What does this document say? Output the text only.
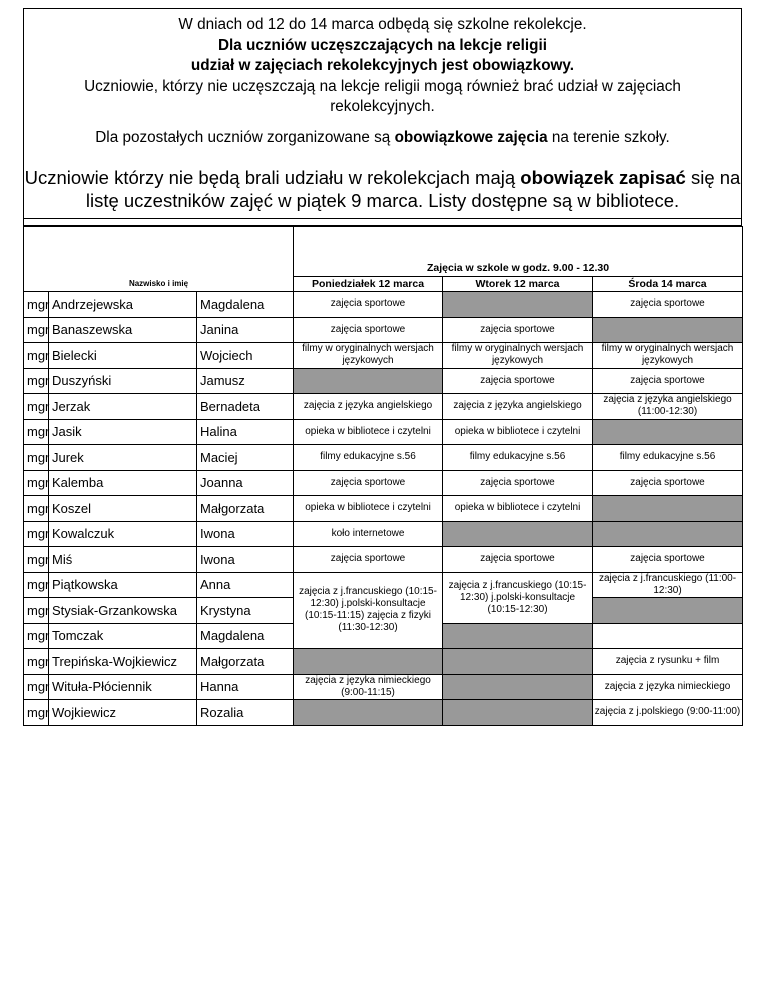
W dniach od 12 do 14 marca odbędą się szkolne rekolekcje.

Dla uczniów uczęszczających na lekcje religii

udział w zajęciach rekolekcyjnych jest obowiązkowy.

Uczniowie, którzy nie uczęszczają na lekcje religii mogą również brać udział w zajęciach

rekolekcyjnych.

Dla pozostałych uczniów zorganizowane są obowiązkowe zajęcia na terenie szkoły.

Uczniowie którzy nie będą brali udziału w rekolekcjach mają obowiązek zapisać się na

listę uczestników zajęć w piątek 9 marca. Listy dostępne są w bibliotece.

			Zajęcia w szkole w godz. 9.00 - 12.30		
Nazwisko i imię			Poniedziałek 12 marca	Wtorek 12 marca	Środa 14 marca
mgr	Andrzejewska	Magdalena	zajęcia sportowe		zajęcia sportowe
mgr	Banaszewska	Janina	zajęcia sportowe	zajęcia sportowe	
mgr	Bielecki	Wojciech	filmy w oryginalnych wersjach językowych	filmy w oryginalnych wersjach językowych	filmy w oryginalnych wersjach językowych
mgr	Duszyński	Jamusz		zajęcia sportowe	zajęcia sportowe
mgr	Jerzak	Bernadeta	zajęcia z języka angielskiego	zajęcia z języka angielskiego	zajęcia z języka angielskiego (11:00-12:30)
mgr	Jasik	Halina	opieka w bibliotece i czytelni	opieka w bibliotece i czytelni	
mgr	Jurek	Maciej	filmy edukacyjne s.56	filmy edukacyjne s.56	filmy edukacyjne s.56
mgr	Kalemba	Joanna	zajęcia sportowe	zajęcia sportowe	zajęcia sportowe
mgr	Koszel	Małgorzata	opieka w bibliotece i czytelni	opieka w bibliotece i czytelni	
mgr	Kowalczuk	Iwona	koło internetowe		
mgr	Miś	Iwona	zajęcia sportowe	zajęcia sportowe	zajęcia sportowe
mgr	Piątkowska	Anna	zajęcia z j.francuskiego (10:15-12:30) j.polski-konsultacje (10:15-11:15) zajęcia z fizyki (11:30-12:30)	zajęcia z j.francuskiego (10:15-12:30) j.polski-konsultacje (10:15-12:30)	zajęcia z j.francuskiego (11:00-12:30)
mgr	Stysiak-Grzankowska	Krystyna			
mgr	Tomczak	Magdalena			
mgr	Trepińska-Wojkiewicz	Małgorzata			zajęcia z rysunku + film
mgr	Wituła-Płóciennik	Hanna	zajęcia z języka nimieckiego (9:00-11:15)		zajęcia z języka nimieckiego
mgr	Wojkiewicz	Rozalia			zajęcia z j.polskiego (9:00-11:00)
